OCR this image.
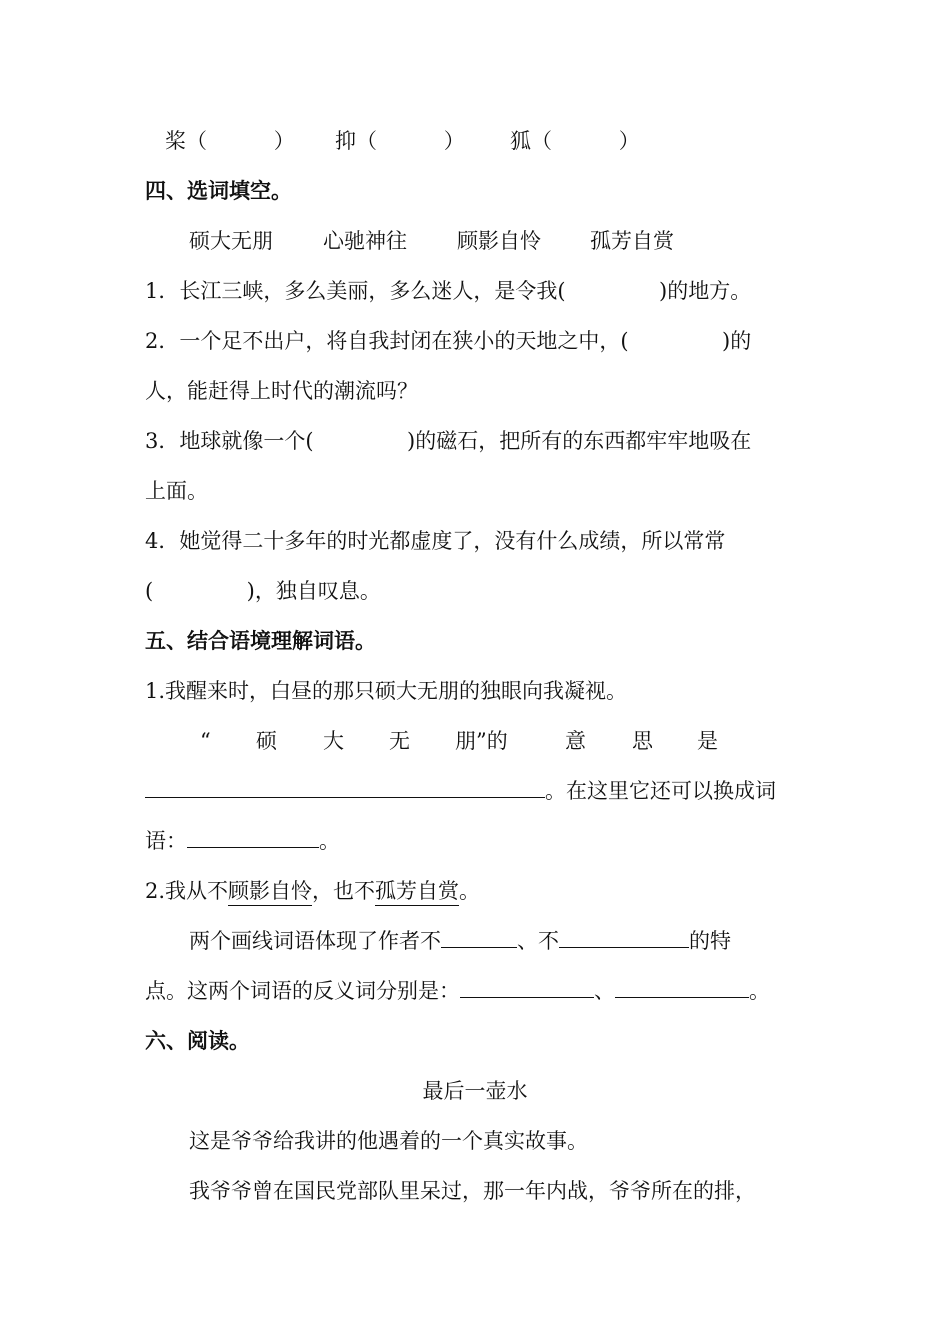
桨（          ） 抑（          ） 狐（          ）
四、选词填空。
硕大无朋 心驰神往 顾影自怜 孤芳自赏
1．长江三峡，多么美丽，多么迷人，是令我(              )的地方。
2．一个足不出户，将自我封闭在狭小的天地之中，(              )的
人，能赶得上时代的潮流吗？
3．地球就像一个(              )的磁石，把所有的东西都牢牢地吸在
上面。
4．她觉得二十多年的时光都虚度了，没有什么成绩，所以常常
(              )，独自叹息。
五、结合语境理解词语。
1.我醒来时，白昼的那只硕大无朋的独眼向我凝视。
“ 硕 大 无 朋”的	意 思 是
。在这里它还可以换成词
语：	。
2.我从不顾影自怜，也不孤芳自赏。
两个画线词语体现了作者不	、不	的特
点。这两个词语的反义词分别是：	、	。
六、阅读。
最后一壶水
这是爷爷给我讲的他遇着的一个真实故事。
我爷爷曾在国民党部队里呆过，那一年内战，爷爷所在的排，
